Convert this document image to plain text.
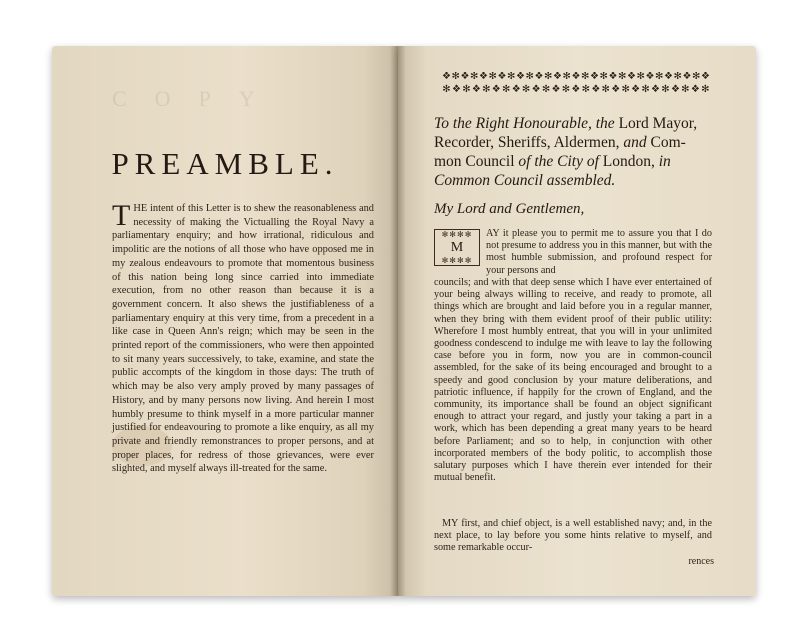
COPY
PREAMBLE.
T HE intent of this Letter is to shew the reasonableness and necessity of making the Victualling the Royal Navy a parliamentary enquiry; and how irrational, ridiculous and impolitic are the notions of all those who have opposed me in my zealous endeavours to promote that momentous business of this nation being long since carried into immediate execution, from no other reason than because it is a government concern. It also shews the justifiableness of a parliamentary enquiry at this very time, from a precedent in a like case in Queen Ann's reign; which may be seen in the printed report of the commissioners, who were then appointed to sit many years successively, to take, examine, and state the public accompts of the kingdom in those days: The truth of which may be also very amply proved by many passages of History, and by many persons now living. And herein I most humbly presume to think myself in a more particular manner justified for endeavouring to promote a like enquiry, as all my private and friendly remonstrances to proper persons, and at proper places, for redress of those grievances, were ever slighted, and myself always ill-treated for the same.
❖ ✻ ❖ ✻ ❖ ✻ ❖ ✻ ❖ ✻ ❖ ✻ ❖ ✻ ❖ ✻ ❖ ✻ ❖ ✻ ❖ ✻ ❖ ✻ ❖ ✻ ❖ ✻ ❖
✻ ❖ ✻ ❖ ✻ ❖ ✻ ❖ ✻ ❖ ✻ ❖ ✻ ❖ ✻ ❖ ✻ ❖ ✻ ❖ ✻ ❖ ✻ ❖ ✻ ❖ ✻
To the Right Honourable, the Lord Mayor,
Recorder, Sheriffs, Aldermen, and Com-
mon Council of the City of London, in
Common Council assembled.
My Lord and Gentlemen,
✻✻✻✻
M
✻✻✻✻
AY it please you to permit me to assure you that I do not presume to address you in this manner, but with the most humble submission, and profound respect for your persons and
councils; and with that deep sense which I have ever entertained of your being always willing to receive, and ready to promote, all things which are brought and laid before you in a regular manner, when they bring with them evident proof of their public utility: Wherefore I most humbly entreat, that you will in your unlimited goodness condescend to indulge me with leave to lay the following case before you in form, now you are in common-council assembled, for the sake of its being encouraged and brought to a speedy and good conclusion by your mature deliberations, and patriotic influence, if happily for the crown of England, and the community, its importance shall be found an object significant enough to attract your regard, and justly your taking a part in a work, which has been depending a great many years to be heard before Parliament; and so to help, in conjunction with other incorporated members of the body politic, to accomplish those salutary purposes which I have therein ever intended for their mutual benefit.
MY first, and chief object, is a well established navy; and, in the next place, to lay before you some hints relative to myself, and some remarkable occur-
rences
